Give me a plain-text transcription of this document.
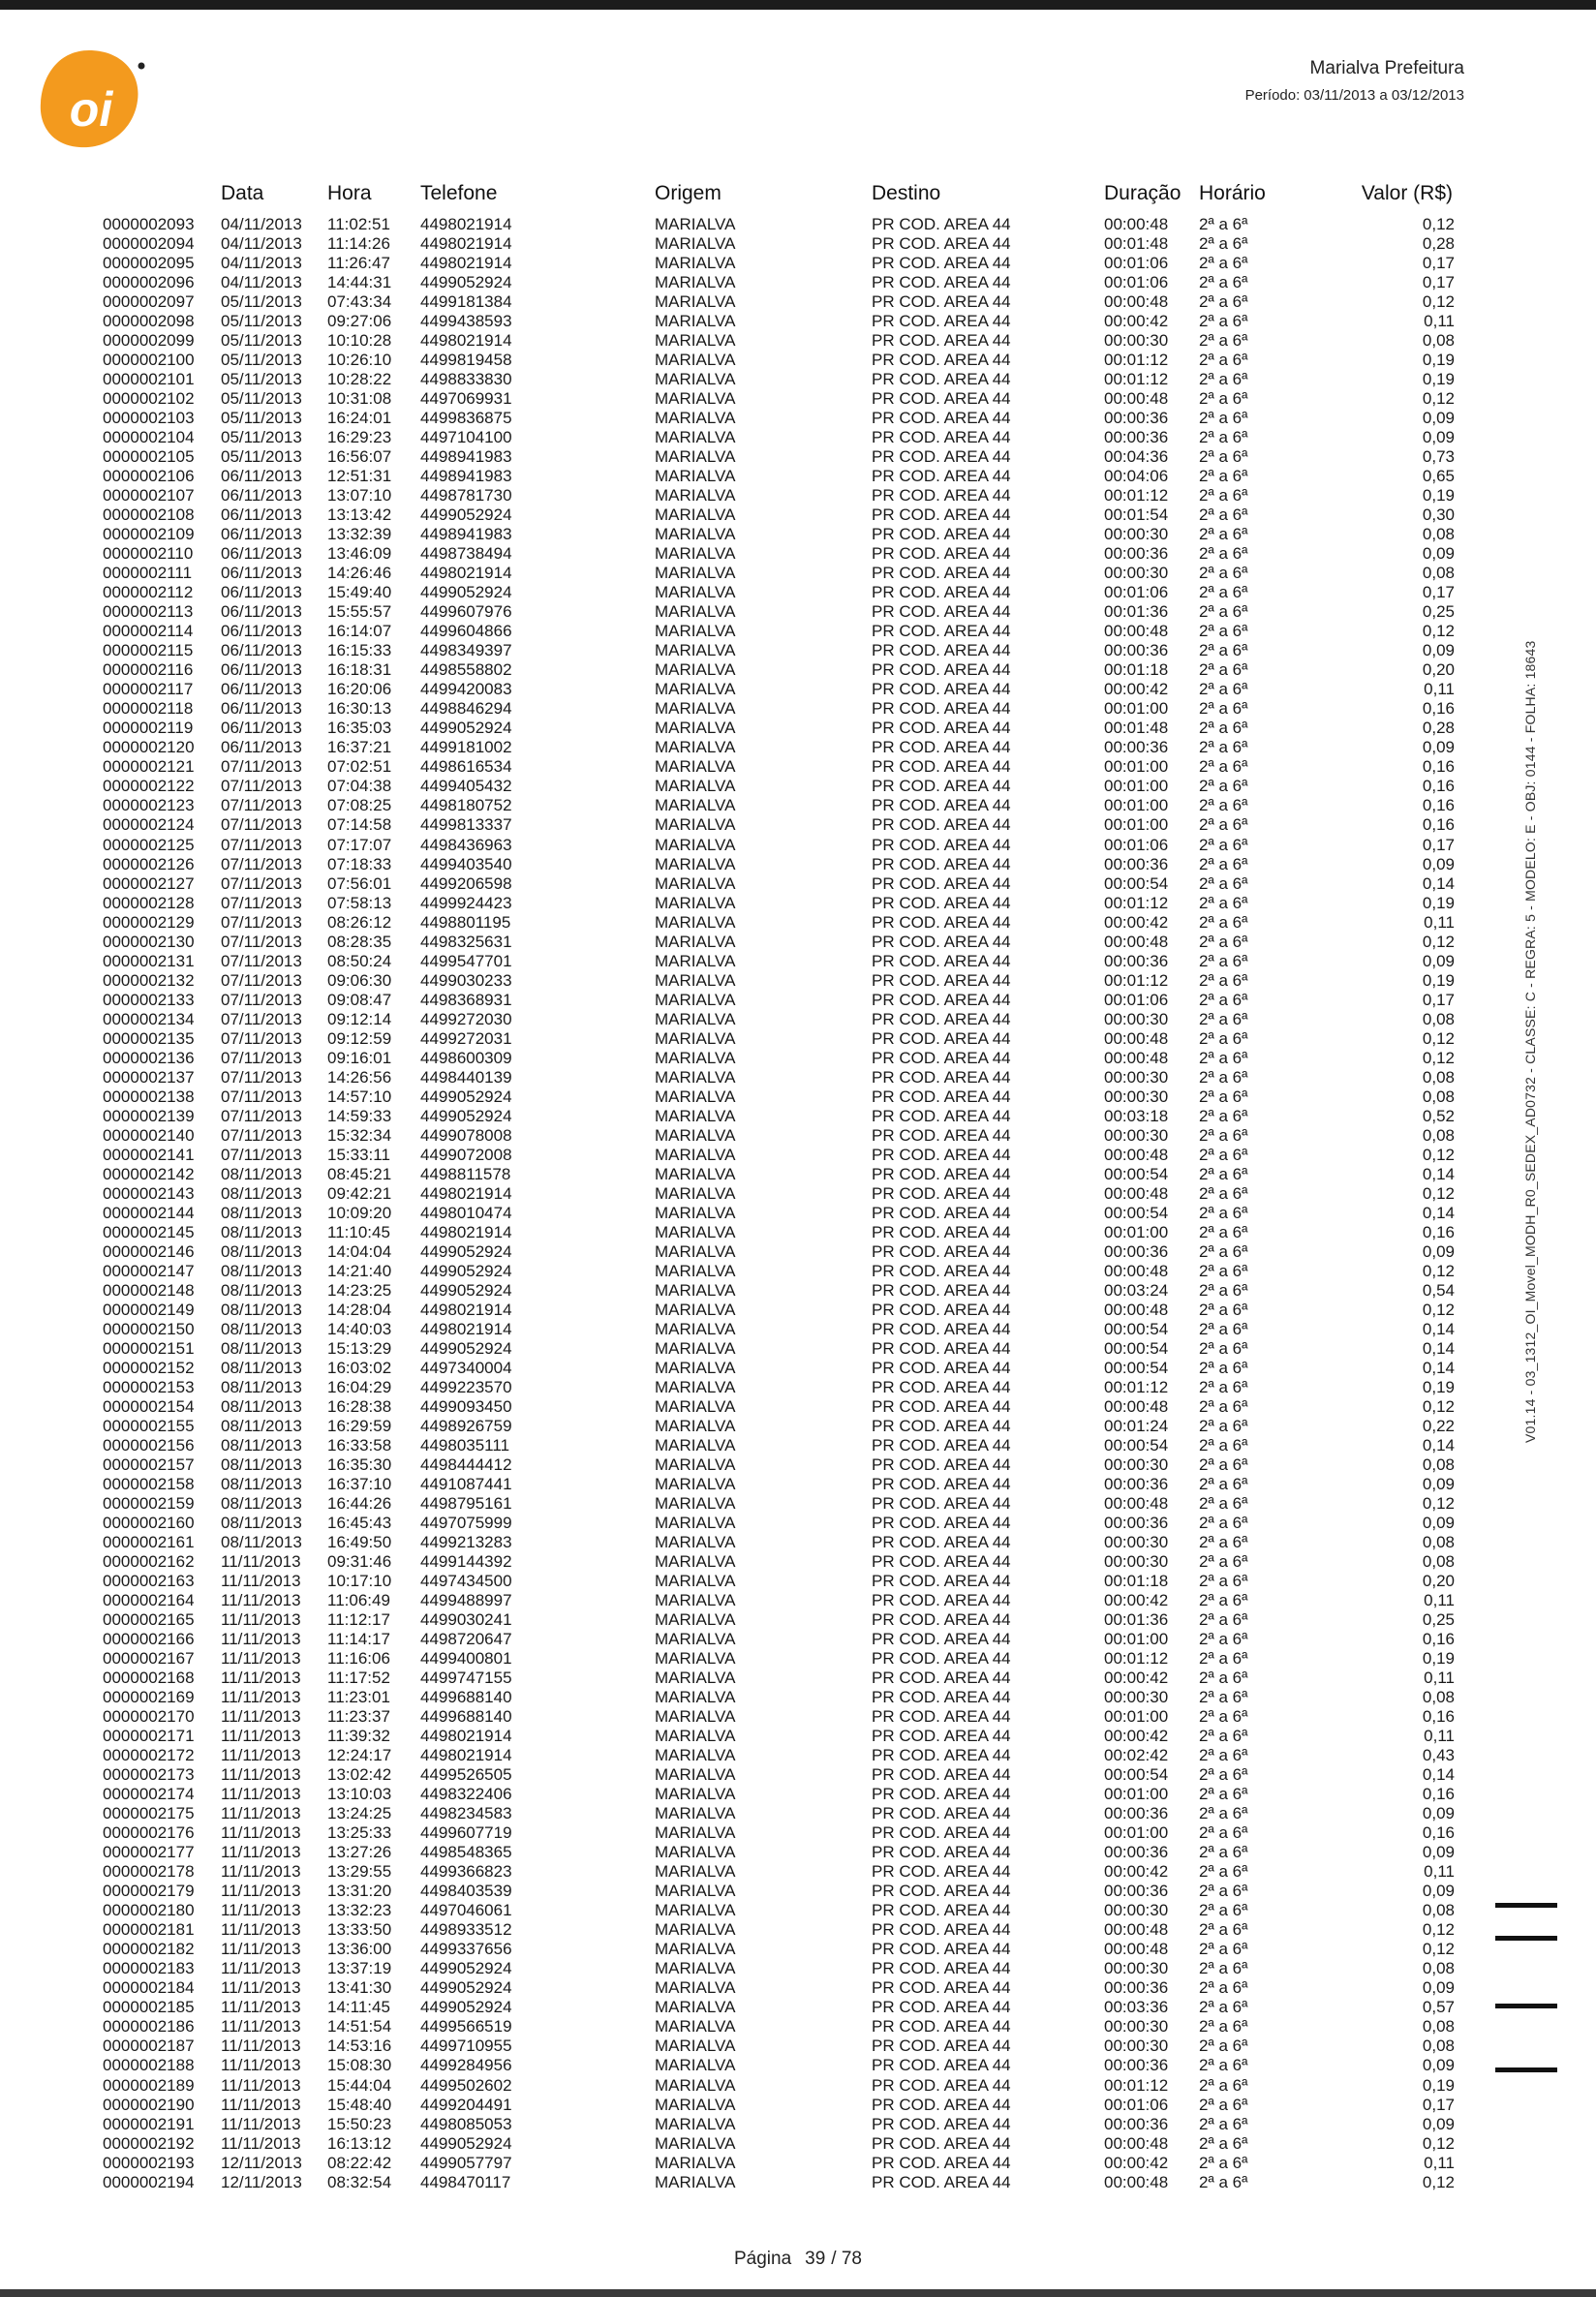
oi
Marialva Prefeitura
Período: 03/11/2013 a 03/12/2013
Data	Hora Telefone	Origem	Destino	Duração Horário	Valor (R$)
0000002093 04/11/2013 11:02:51 4498021914	MARIALVA	PR COD. AREA 44	00:00:48 2ª a 6ª	0,12
0000002094 04/11/2013 11:14:26 4498021914	MARIALVA	PR COD. AREA 44	00:01:48 2ª a 6ª	0,28
0000002095 04/11/2013 11:26:47 4498021914	MARIALVA	PR COD. AREA 44	00:01:06 2ª a 6ª	0,17
0000002096 04/11/2013 14:44:31 4499052924	MARIALVA	PR COD. AREA 44	00:01:06 2ª a 6ª	0,17
0000002097 05/11/2013 07:43:34 4499181384	MARIALVA	PR COD. AREA 44	00:00:48 2ª a 6ª	0,12
0000002098 05/11/2013 09:27:06 4499438593	MARIALVA	PR COD. AREA 44	00:00:42 2ª a 6ª	0,11
0000002099 05/11/2013 10:10:28 4498021914	MARIALVA	PR COD. AREA 44	00:00:30 2ª a 6ª	0,08
0000002100 05/11/2013 10:26:10 4499819458	MARIALVA	PR COD. AREA 44	00:01:12 2ª a 6ª	0,19
0000002101 05/11/2013 10:28:22 4498833830	MARIALVA	PR COD. AREA 44	00:01:12 2ª a 6ª	0,19
0000002102 05/11/2013 10:31:08 4497069931	MARIALVA	PR COD. AREA 44	00:00:48 2ª a 6ª	0,12
0000002103 05/11/2013 16:24:01 4499836875	MARIALVA	PR COD. AREA 44	00:00:36 2ª a 6ª	0,09
0000002104 05/11/2013 16:29:23 4497104100	MARIALVA	PR COD. AREA 44	00:00:36 2ª a 6ª	0,09
0000002105 05/11/2013 16:56:07 4498941983	MARIALVA	PR COD. AREA 44	00:04:36 2ª a 6ª	0,73
0000002106 06/11/2013 12:51:31 4498941983	MARIALVA	PR COD. AREA 44	00:04:06 2ª a 6ª	0,65
0000002107 06/11/2013 13:07:10 4498781730	MARIALVA	PR COD. AREA 44	00:01:12 2ª a 6ª	0,19
0000002108 06/11/2013 13:13:42 4499052924	MARIALVA	PR COD. AREA 44	00:01:54 2ª a 6ª	0,30
0000002109 06/11/2013 13:32:39 4498941983	MARIALVA	PR COD. AREA 44	00:00:30 2ª a 6ª	0,08
0000002110 06/11/2013 13:46:09 4498738494	MARIALVA	PR COD. AREA 44	00:00:36 2ª a 6ª	0,09
0000002111 06/11/2013 14:26:46 4498021914	MARIALVA	PR COD. AREA 44	00:00:30 2ª a 6ª	0,08
0000002112 06/11/2013 15:49:40 4499052924	MARIALVA	PR COD. AREA 44	00:01:06 2ª a 6ª	0,17
0000002113 06/11/2013 15:55:57 4499607976	MARIALVA	PR COD. AREA 44	00:01:36 2ª a 6ª	0,25
0000002114 06/11/2013 16:14:07 4499604866	MARIALVA	PR COD. AREA 44	00:00:48 2ª a 6ª	0,12
0000002115 06/11/2013 16:15:33 4498349397	MARIALVA	PR COD. AREA 44	00:00:36 2ª a 6ª	0,09
0000002116 06/11/2013 16:18:31 4498558802	MARIALVA	PR COD. AREA 44	00:01:18 2ª a 6ª	0,20
0000002117 06/11/2013 16:20:06 4499420083	MARIALVA	PR COD. AREA 44	00:00:42 2ª a 6ª	0,11
0000002118 06/11/2013 16:30:13 4498846294	MARIALVA	PR COD. AREA 44	00:01:00 2ª a 6ª	0,16
0000002119 06/11/2013 16:35:03 4499052924	MARIALVA	PR COD. AREA 44	00:01:48 2ª a 6ª	0,28
0000002120 06/11/2013 16:37:21 4499181002	MARIALVA	PR COD. AREA 44	00:00:36 2ª a 6ª	0,09
0000002121 07/11/2013 07:02:51 4498616534	MARIALVA	PR COD. AREA 44	00:01:00 2ª a 6ª	0,16
0000002122 07/11/2013 07:04:38 4499405432	MARIALVA	PR COD. AREA 44	00:01:00 2ª a 6ª	0,16
0000002123 07/11/2013 07:08:25 4498180752	MARIALVA	PR COD. AREA 44	00:01:00 2ª a 6ª	0,16
0000002124 07/11/2013 07:14:58 4499813337	MARIALVA	PR COD. AREA 44	00:01:00 2ª a 6ª	0,16
0000002125 07/11/2013 07:17:07 4498436963	MARIALVA	PR COD. AREA 44	00:01:06 2ª a 6ª	0,17
0000002126 07/11/2013 07:18:33 4499403540	MARIALVA	PR COD. AREA 44	00:00:36 2ª a 6ª	0,09
0000002127 07/11/2013 07:56:01 4499206598	MARIALVA	PR COD. AREA 44	00:00:54 2ª a 6ª	0,14
0000002128 07/11/2013 07:58:13 4499924423	MARIALVA	PR COD. AREA 44	00:01:12 2ª a 6ª	0,19
0000002129 07/11/2013 08:26:12 4498801195	MARIALVA	PR COD. AREA 44	00:00:42 2ª a 6ª	0,11
0000002130 07/11/2013 08:28:35 4498325631	MARIALVA	PR COD. AREA 44	00:00:48 2ª a 6ª	0,12
0000002131 07/11/2013 08:50:24 4499547701	MARIALVA	PR COD. AREA 44	00:00:36 2ª a 6ª	0,09
0000002132 07/11/2013 09:06:30 4499030233	MARIALVA	PR COD. AREA 44	00:01:12 2ª a 6ª	0,19
0000002133 07/11/2013 09:08:47 4498368931	MARIALVA	PR COD. AREA 44	00:01:06 2ª a 6ª	0,17
0000002134 07/11/2013 09:12:14 4499272030	MARIALVA	PR COD. AREA 44	00:00:30 2ª a 6ª	0,08
0000002135 07/11/2013 09:12:59 4499272031	MARIALVA	PR COD. AREA 44	00:00:48 2ª a 6ª	0,12
0000002136 07/11/2013 09:16:01 4498600309	MARIALVA	PR COD. AREA 44	00:00:48 2ª a 6ª	0,12
0000002137 07/11/2013 14:26:56 4498440139	MARIALVA	PR COD. AREA 44	00:00:30 2ª a 6ª	0,08
0000002138 07/11/2013 14:57:10 4499052924	MARIALVA	PR COD. AREA 44	00:00:30 2ª a 6ª	0,08
0000002139 07/11/2013 14:59:33 4499052924	MARIALVA	PR COD. AREA 44	00:03:18 2ª a 6ª	0,52
0000002140 07/11/2013 15:32:34 4499078008	MARIALVA	PR COD. AREA 44	00:00:30 2ª a 6ª	0,08
0000002141 07/11/2013 15:33:11 4499072008	MARIALVA	PR COD. AREA 44	00:00:48 2ª a 6ª	0,12
0000002142 08/11/2013 08:45:21 4498811578	MARIALVA	PR COD. AREA 44	00:00:54 2ª a 6ª	0,14
0000002143 08/11/2013 09:42:21 4498021914	MARIALVA	PR COD. AREA 44	00:00:48 2ª a 6ª	0,12
0000002144 08/11/2013 10:09:20 4498010474	MARIALVA	PR COD. AREA 44	00:00:54 2ª a 6ª	0,14
0000002145 08/11/2013 11:10:45 4498021914	MARIALVA	PR COD. AREA 44	00:01:00 2ª a 6ª	0,16
0000002146 08/11/2013 14:04:04 4499052924	MARIALVA	PR COD. AREA 44	00:00:36 2ª a 6ª	0,09
0000002147 08/11/2013 14:21:40 4499052924	MARIALVA	PR COD. AREA 44	00:00:48 2ª a 6ª	0,12
0000002148 08/11/2013 14:23:25 4499052924	MARIALVA	PR COD. AREA 44	00:03:24 2ª a 6ª	0,54
0000002149 08/11/2013 14:28:04 4498021914	MARIALVA	PR COD. AREA 44	00:00:48 2ª a 6ª	0,12
0000002150 08/11/2013 14:40:03 4498021914	MARIALVA	PR COD. AREA 44	00:00:54 2ª a 6ª	0,14
0000002151 08/11/2013 15:13:29 4499052924	MARIALVA	PR COD. AREA 44	00:00:54 2ª a 6ª	0,14
0000002152 08/11/2013 16:03:02 4497340004	MARIALVA	PR COD. AREA 44	00:00:54 2ª a 6ª	0,14
0000002153 08/11/2013 16:04:29 4499223570	MARIALVA	PR COD. AREA 44	00:01:12 2ª a 6ª	0,19
0000002154 08/11/2013 16:28:38 4499093450	MARIALVA	PR COD. AREA 44	00:00:48 2ª a 6ª	0,12
0000002155 08/11/2013 16:29:59 4498926759	MARIALVA	PR COD. AREA 44	00:01:24 2ª a 6ª	0,22
0000002156 08/11/2013 16:33:58 4498035111	MARIALVA	PR COD. AREA 44	00:00:54 2ª a 6ª	0,14
0000002157 08/11/2013 16:35:30 4498444412	MARIALVA	PR COD. AREA 44	00:00:30 2ª a 6ª	0,08
0000002158 08/11/2013 16:37:10 4491087441	MARIALVA	PR COD. AREA 44	00:00:36 2ª a 6ª	0,09
0000002159 08/11/2013 16:44:26 4498795161	MARIALVA	PR COD. AREA 44	00:00:48 2ª a 6ª	0,12
0000002160 08/11/2013 16:45:43 4497075999	MARIALVA	PR COD. AREA 44	00:00:36 2ª a 6ª	0,09
0000002161 08/11/2013 16:49:50 4499213283	MARIALVA	PR COD. AREA 44	00:00:30 2ª a 6ª	0,08
0000002162 11/11/2013 09:31:46 4499144392	MARIALVA	PR COD. AREA 44	00:00:30 2ª a 6ª	0,08
0000002163 11/11/2013 10:17:10 4497434500	MARIALVA	PR COD. AREA 44	00:01:18 2ª a 6ª	0,20
0000002164 11/11/2013 11:06:49 4499488997	MARIALVA	PR COD. AREA 44	00:00:42 2ª a 6ª	0,11
0000002165 11/11/2013 11:12:17 4499030241	MARIALVA	PR COD. AREA 44	00:01:36 2ª a 6ª	0,25
0000002166 11/11/2013 11:14:17 4498720647	MARIALVA	PR COD. AREA 44	00:01:00 2ª a 6ª	0,16
0000002167 11/11/2013 11:16:06 4499400801	MARIALVA	PR COD. AREA 44	00:01:12 2ª a 6ª	0,19
0000002168 11/11/2013 11:17:52 4499747155	MARIALVA	PR COD. AREA 44	00:00:42 2ª a 6ª	0,11
0000002169 11/11/2013 11:23:01 4499688140	MARIALVA	PR COD. AREA 44	00:00:30 2ª a 6ª	0,08
0000002170 11/11/2013 11:23:37 4499688140	MARIALVA	PR COD. AREA 44	00:01:00 2ª a 6ª	0,16
0000002171 11/11/2013 11:39:32 4498021914	MARIALVA	PR COD. AREA 44	00:00:42 2ª a 6ª	0,11
0000002172 11/11/2013 12:24:17 4498021914	MARIALVA	PR COD. AREA 44	00:02:42 2ª a 6ª	0,43
0000002173 11/11/2013 13:02:42 4499526505	MARIALVA	PR COD. AREA 44	00:00:54 2ª a 6ª	0,14
0000002174 11/11/2013 13:10:03 4498322406	MARIALVA	PR COD. AREA 44	00:01:00 2ª a 6ª	0,16
0000002175 11/11/2013 13:24:25 4498234583	MARIALVA	PR COD. AREA 44	00:00:36 2ª a 6ª	0,09
0000002176 11/11/2013 13:25:33 4499607719	MARIALVA	PR COD. AREA 44	00:01:00 2ª a 6ª	0,16
0000002177 11/11/2013 13:27:26 4498548365	MARIALVA	PR COD. AREA 44	00:00:36 2ª a 6ª	0,09
0000002178 11/11/2013 13:29:55 4499366823	MARIALVA	PR COD. AREA 44	00:00:42 2ª a 6ª	0,11
0000002179 11/11/2013 13:31:20 4498403539	MARIALVA	PR COD. AREA 44	00:00:36 2ª a 6ª	0,09
0000002180 11/11/2013 13:32:23 4497046061	MARIALVA	PR COD. AREA 44	00:00:30 2ª a 6ª	0,08
0000002181 11/11/2013 13:33:50 4498933512	MARIALVA	PR COD. AREA 44	00:00:48 2ª a 6ª	0,12
0000002182 11/11/2013 13:36:00 4499337656	MARIALVA	PR COD. AREA 44	00:00:48 2ª a 6ª	0,12
0000002183 11/11/2013 13:37:19 4499052924	MARIALVA	PR COD. AREA 44	00:00:30 2ª a 6ª	0,08
0000002184 11/11/2013 13:41:30 4499052924	MARIALVA	PR COD. AREA 44	00:00:36 2ª a 6ª	0,09
0000002185 11/11/2013 14:11:45 4499052924	MARIALVA	PR COD. AREA 44	00:03:36 2ª a 6ª	0,57
0000002186 11/11/2013 14:51:54 4499566519	MARIALVA	PR COD. AREA 44	00:00:30 2ª a 6ª	0,08
0000002187 11/11/2013 14:53:16 4499710955	MARIALVA	PR COD. AREA 44	00:00:30 2ª a 6ª	0,08
0000002188 11/11/2013 15:08:30 4499284956	MARIALVA	PR COD. AREA 44	00:00:36 2ª a 6ª	0,09
0000002189 11/11/2013 15:44:04 4499502602	MARIALVA	PR COD. AREA 44	00:01:12 2ª a 6ª	0,19
0000002190 11/11/2013 15:48:40 4499204491	MARIALVA	PR COD. AREA 44	00:01:06 2ª a 6ª	0,17
0000002191 11/11/2013 15:50:23 4498085053	MARIALVA	PR COD. AREA 44	00:00:36 2ª a 6ª	0,09
0000002192 11/11/2013 16:13:12 4499052924	MARIALVA	PR COD. AREA 44	00:00:48 2ª a 6ª	0,12
0000002193 12/11/2013 08:22:42 4499057797	MARIALVA	PR COD. AREA 44	00:00:42 2ª a 6ª	0,11
0000002194 12/11/2013 08:32:54 4498470117	MARIALVA	PR COD. AREA 44	00:00:48 2ª a 6ª	0,12
V01.14 - 03_1312_OI_Movel_MODH_R0_SEDEX_AD0732 - CLASSE: C - REGRA: 5 - MODELO: E - OBJ: 0144 - FOLHA: 18643
Página 39 / 78
